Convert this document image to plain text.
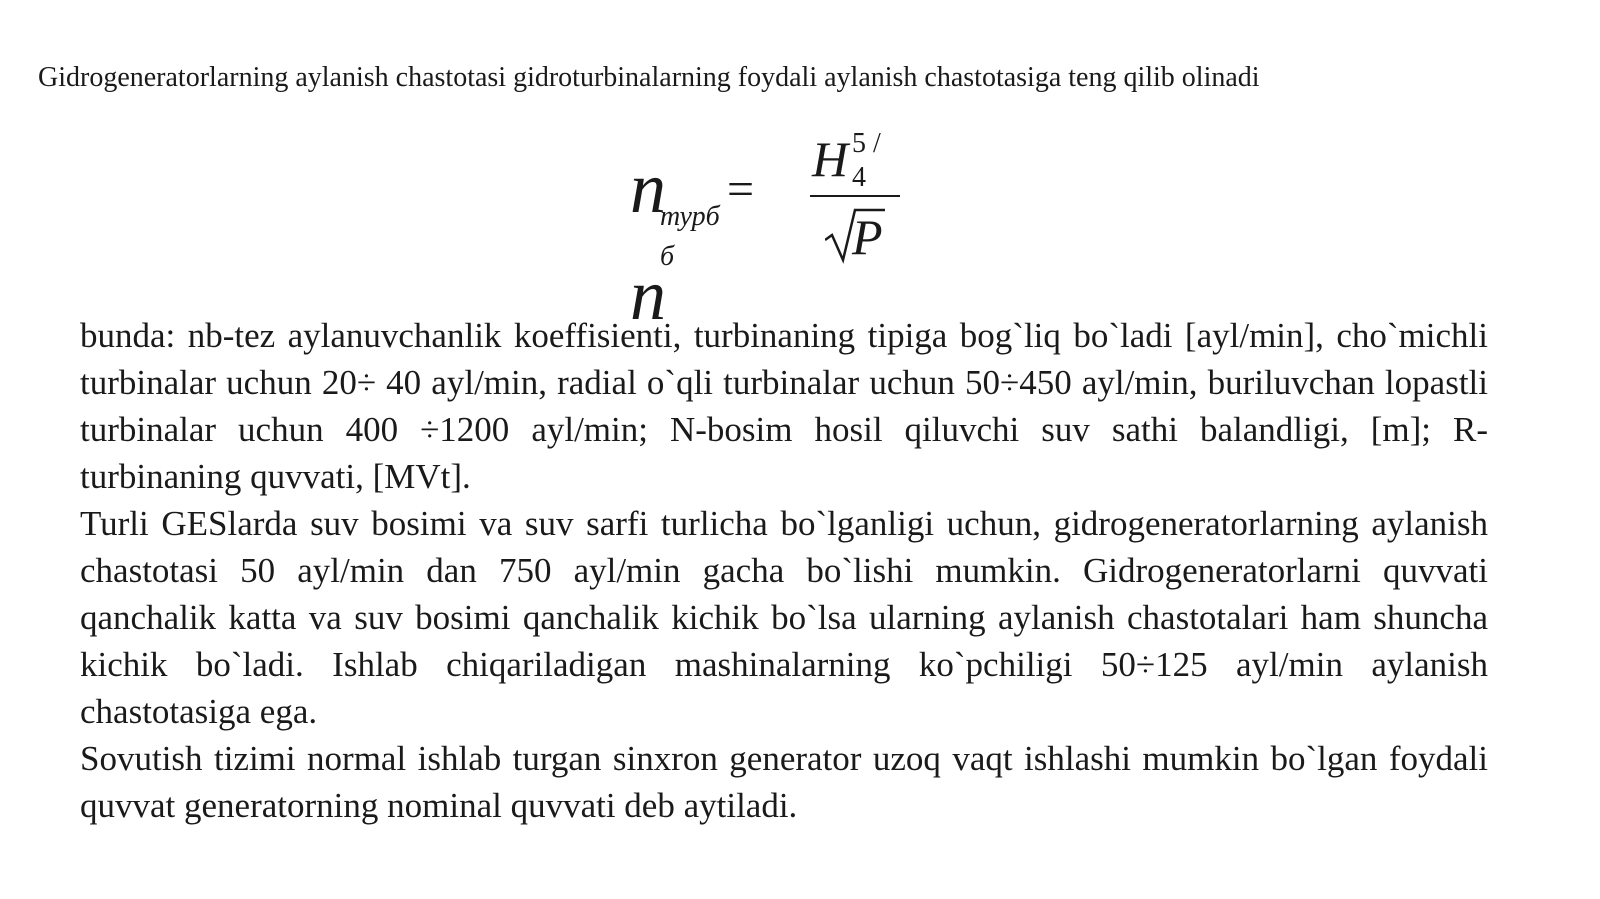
Gidrogeneratorlarning aylanish chastotasi gidroturbinalarning foydali aylanish chastotasiga teng qilib olinadi

n
турб
=
б
n
H 5 /
4
P

bunda: nb-tez aylanuvchanlik koeffisienti, turbinaning tipiga bog`liq bo`ladi [ayl/min], cho`michli turbinalar uchun 20÷ 40 ayl/min, radial o`qli turbinalar uchun 50÷450 ayl/min, buriluvchan lopastli turbinalar uchun 400 ÷1200 ayl/min; N-bosim hosil qiluvchi suv sathi balandligi, [m]; R-turbinaning quvvati, [MVt].

Turli GESlarda suv bosimi va suv sarfi turlicha bo`lganligi uchun, gidrogeneratorlarning aylanish chastotasi 50 ayl/min dan 750 ayl/min gacha bo`lishi mumkin. Gidrogeneratorlarni quvvati qanchalik katta va suv bosimi qanchalik kichik bo`lsa ularning aylanish chastotalari ham shuncha kichik bo`ladi. Ishlab chiqariladigan mashinalarning ko`pchiligi 50÷125 ayl/min aylanish chastotasiga ega.

Sovutish tizimi normal ishlab turgan sinxron generator uzoq vaqt ishlashi mumkin bo`lgan foydali quvvat generatorning nominal quvvati deb aytiladi.
